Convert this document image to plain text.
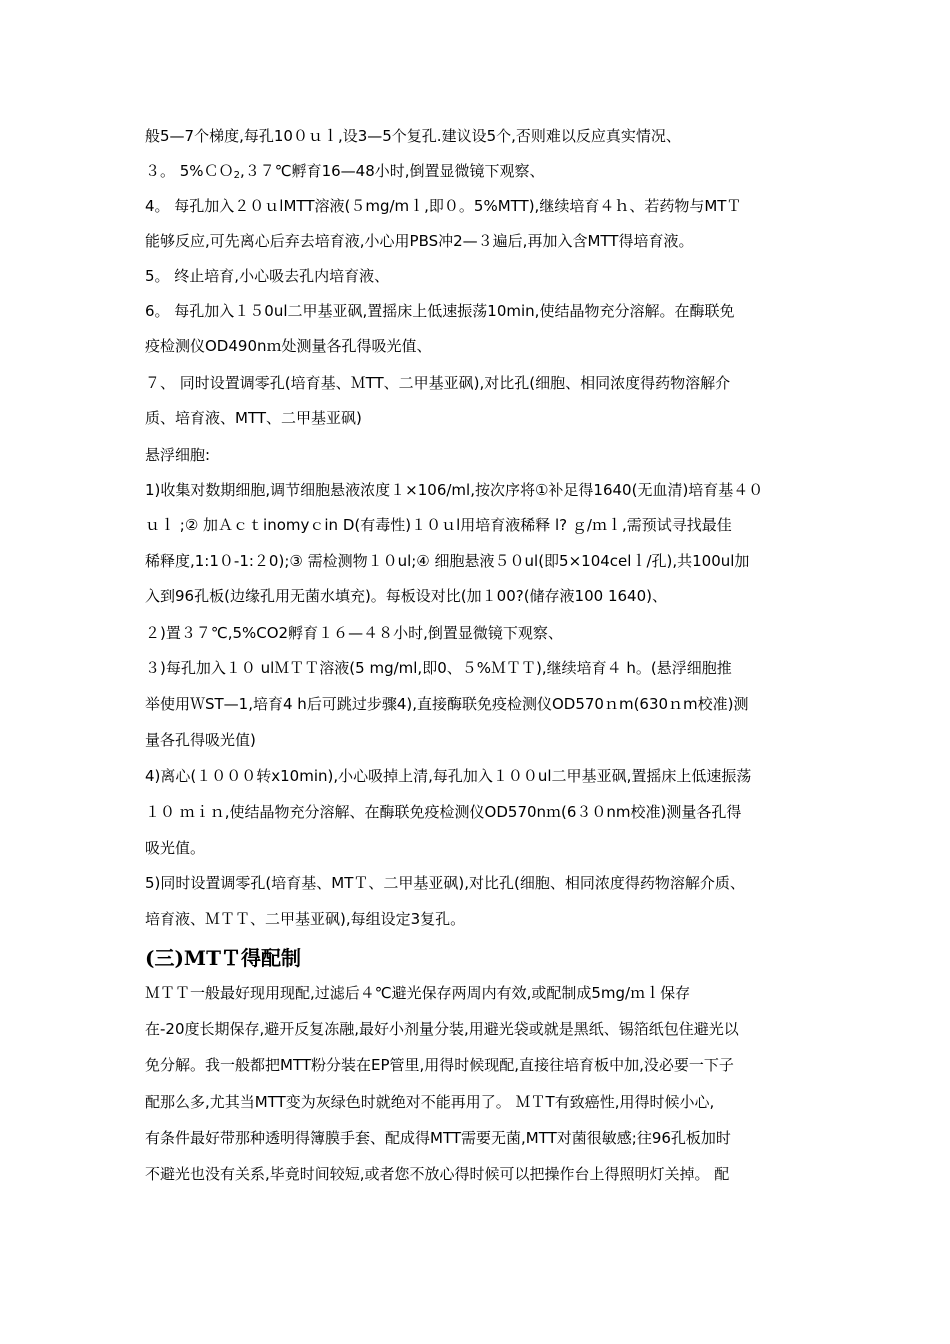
般5—7个梯度,每孔10０ｕｌ,设3—5个复孔.建议设5个,否则难以反应真实情况、
３。 5%ＣＯ$_2$,３７℃孵育16—48小时,倒置显微镜下观察、
4。 每孔加入２０ｕlMTT溶液(５mg/mｌ,即０。5%MTT),继续培育４ｈ、若药物与MTＴ
能够反应,可先离心后弃去培育液,小心用PBS冲2—３遍后,再加入含MTT得培育液。
5。 终止培育,小心吸去孔内培育液、
6。 每孔加入１５0ul二甲基亚砜,置摇床上低速振荡10min,使结晶物充分溶解。在酶联免
疫检测仪OD490nｍ处测量各孔得吸光值、
７、 同时设置调零孔(培育基、ＭTT、二甲基亚砜),对比孔(细胞、相同浓度得药物溶解介
质、培育液、MTT、二甲基亚砜)
悬浮细胞:
1)收集对数期细胞,调节细胞悬液浓度１×106/ml,按次序将①补足得1640(无血清)培育基４０
ｕｌ ;② 加Ａｃｔinomyｃin D(有毒性)１０ｕl用培育液稀释 l? ｇ/ｍｌ,需预试寻找最佳
稀释度,1:1０-1:２0);③ 需检测物１０ul;④ 细胞悬液５０ul(即5×104celｌ/孔),共100ul加
入到96孔板(边缘孔用无菌水填充)。每板设对比(加１00?(储存液100 1640)、
２)置３７℃,5%CO2孵育１６—４８小时,倒置显微镜下观察、
３)每孔加入１０ ulＭＴＴ溶液(5 mg/ml,即0、５%ＭＴＴ),继续培育４ h。(悬浮细胞推
举使用ＷST—1,培育4 h后可跳过步骤4),直接酶联免疫检测仪OD570ｎm(630ｎm校准)测
量各孔得吸光值)
4)离心(１０００转x10min),小心吸掉上清,每孔加入１００ul二甲基亚砜,置摇床上低速振荡
１０ ｍｉｎ,使结晶物充分溶解、在酶联免疫检测仪OD570nｍ(6３０nm校准)测量各孔得
吸光值。
5)同时设置调零孔(培育基、MTＴ、二甲基亚砜),对比孔(细胞、相同浓度得药物溶解介质、
培育液、ＭＴＴ、二甲基亚砜),每组设定3复孔。
(三)MTＴ得配制
ＭＴＴ一般最好现用现配,过滤后４℃避光保存两周内有效,或配制成5mg/ｍｌ保存
在-20度长期保存,避开反复冻融,最好小剂量分装,用避光袋或就是黑纸、锡箔纸包住避光以
免分解。我一般都把MTT粉分装在EP管里,用得时候现配,直接往培育板中加,没必要一下子
配那么多,尤其当MTT变为灰绿色时就绝对不能再用了。 ＭＴT有致癌性,用得时候小心,
有条件最好带那种透明得簿膜手套、配成得MTT需要无菌,MTT对菌很敏感;往96孔板加时
不避光也没有关系,毕竟时间较短,或者您不放心得时候可以把操作台上得照明灯关掉。 配
